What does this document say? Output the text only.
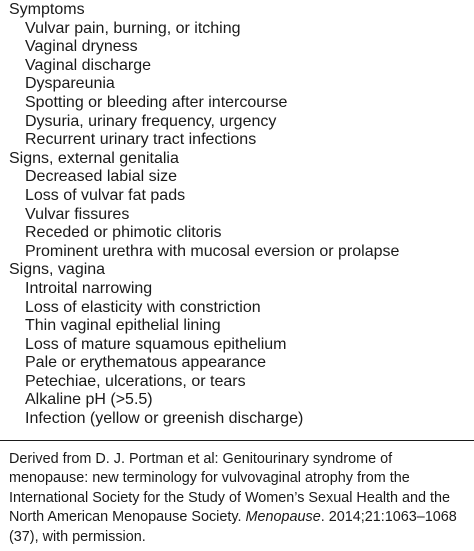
Symptoms
Vulvar pain, burning, or itching
Vaginal dryness
Vaginal discharge
Dyspareunia
Spotting or bleeding after intercourse
Dysuria, urinary frequency, urgency
Recurrent urinary tract infections
Signs, external genitalia
Decreased labial size
Loss of vulvar fat pads
Vulvar fissures
Receded or phimotic clitoris
Prominent urethra with mucosal eversion or prolapse
Signs, vagina
Introital narrowing
Loss of elasticity with constriction
Thin vaginal epithelial lining
Loss of mature squamous epithelium
Pale or erythematous appearance
Petechiae, ulcerations, or tears
Alkaline pH (>5.5)
Infection (yellow or greenish discharge)
Derived from D. J. Portman et al: Genitourinary syndrome of menopause: new terminology for vulvovaginal atrophy from the International Society for the Study of Women’s Sexual Health and the North American Menopause Society. Menopause. 2014;21:1063–1068 (37), with permission.
